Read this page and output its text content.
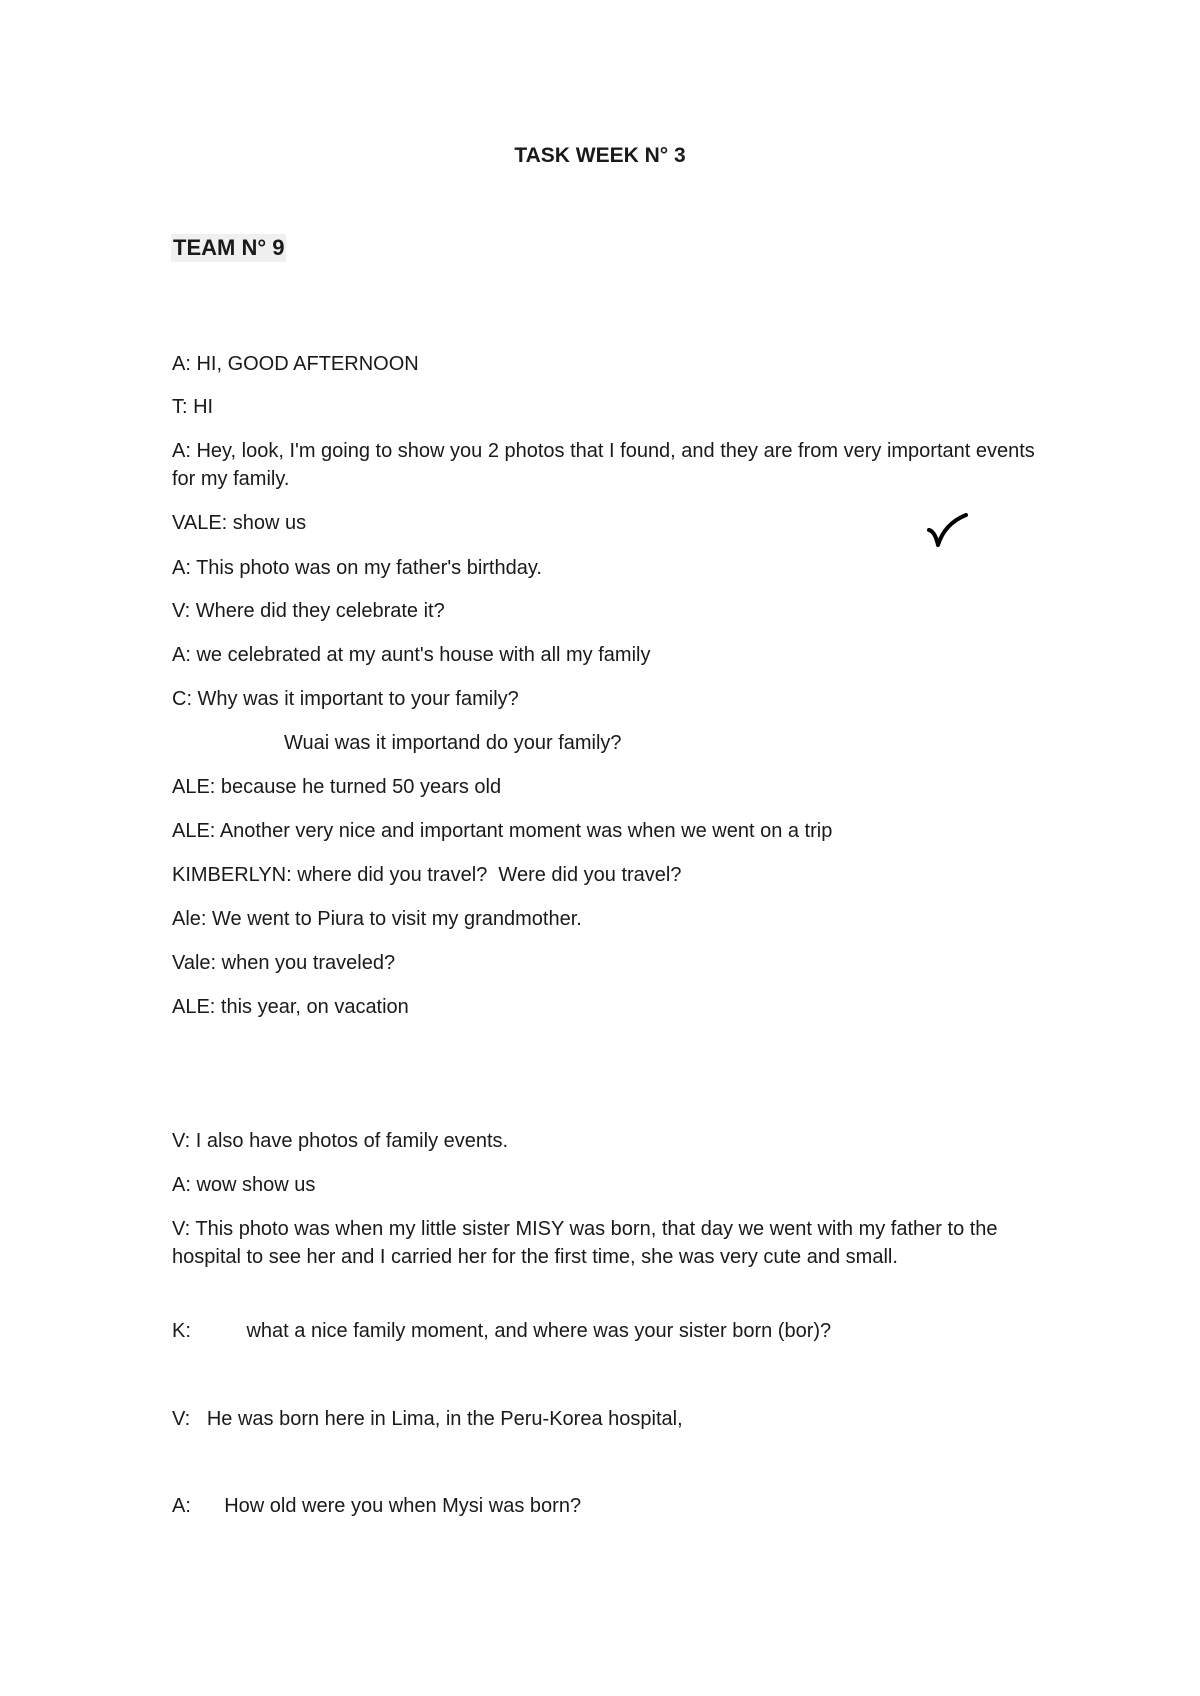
TASK WEEK N° 3
TEAM N° 9
A: HI, GOOD AFTERNOON
T: HI
A: Hey, look, I'm going to show you 2 photos that I found, and they are from very important events for my family.
VALE: show us
A: This photo was on my father's birthday.
V: Where did they celebrate it?
A: we celebrated at my aunt's house with all my family
C: Why was it important to your family?
Wuai was it importand do your family?
ALE: because he turned 50 years old
ALE: Another very nice and important moment was when we went on a trip
KIMBERLYN: where did you travel?  Were did you travel?
Ale: We went to Piura to visit my grandmother.
Vale: when you traveled?
ALE: this year, on vacation
V: I also have photos of family events.
A: wow show us
V: This photo was when my little sister MISY was born, that day we went with my father to the hospital to see her and I carried her for the first time, she was very cute and small.
K:          what a nice family moment, and where was your sister born (bor)?
V:   He was born here in Lima, in the Peru-Korea hospital,
A:      How old were you when Mysi was born?
